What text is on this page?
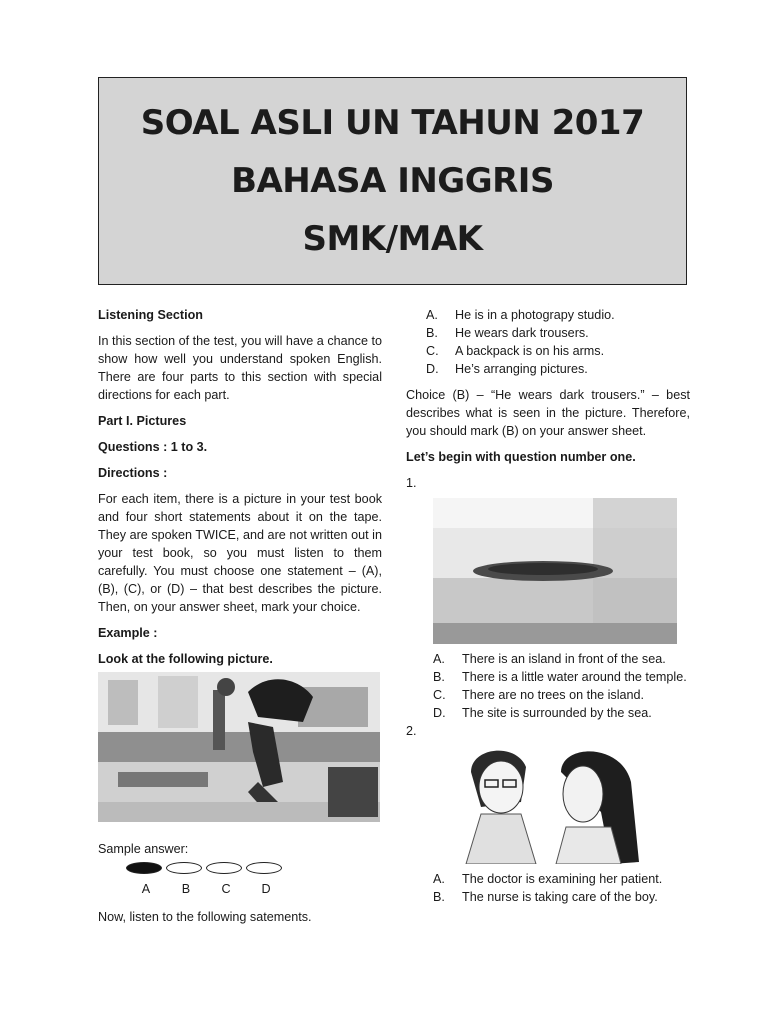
SOAL ASLI UN TAHUN 2017
BAHASA INGGRIS
SMK/MAK

Listening Section

In this section of the test, you will have a chance to show how well you understand spoken English. There are four parts to this section with special directions for each part.

Part I. Pictures

Questions : 1 to 3.

Directions :

For each item, there is a picture in your test book and four short statements about it on the tape. They are spoken TWICE, and are not written out in your test book, so you must listen to them carefully. You must choose one statement – (A), (B), (C), or (D) – that best describes the picture. Then, on your answer sheet, mark your choice.

Example :

Look at the following picture.

Sample answer:

A	B	C	D

Now, listen to the following satements.

A.	He is in a photograpy studio.
B.	He wears dark trousers.
C.	A backpack is on his arms.
D.	He’s arranging pictures.

Choice (B) – “He wears dark trousers.” – best describes what is seen in the picture. Therefore, you should mark (B) on your answer sheet.

Let’s begin with question number one.

1.

A.	There is an island in front of the sea.
B.	There is a little water around the temple.
C.	There are no trees on the island.
D.	The site is surrounded by the sea.

2.

A.	The doctor is examining her patient.
B.	The nurse is taking care of the boy.
